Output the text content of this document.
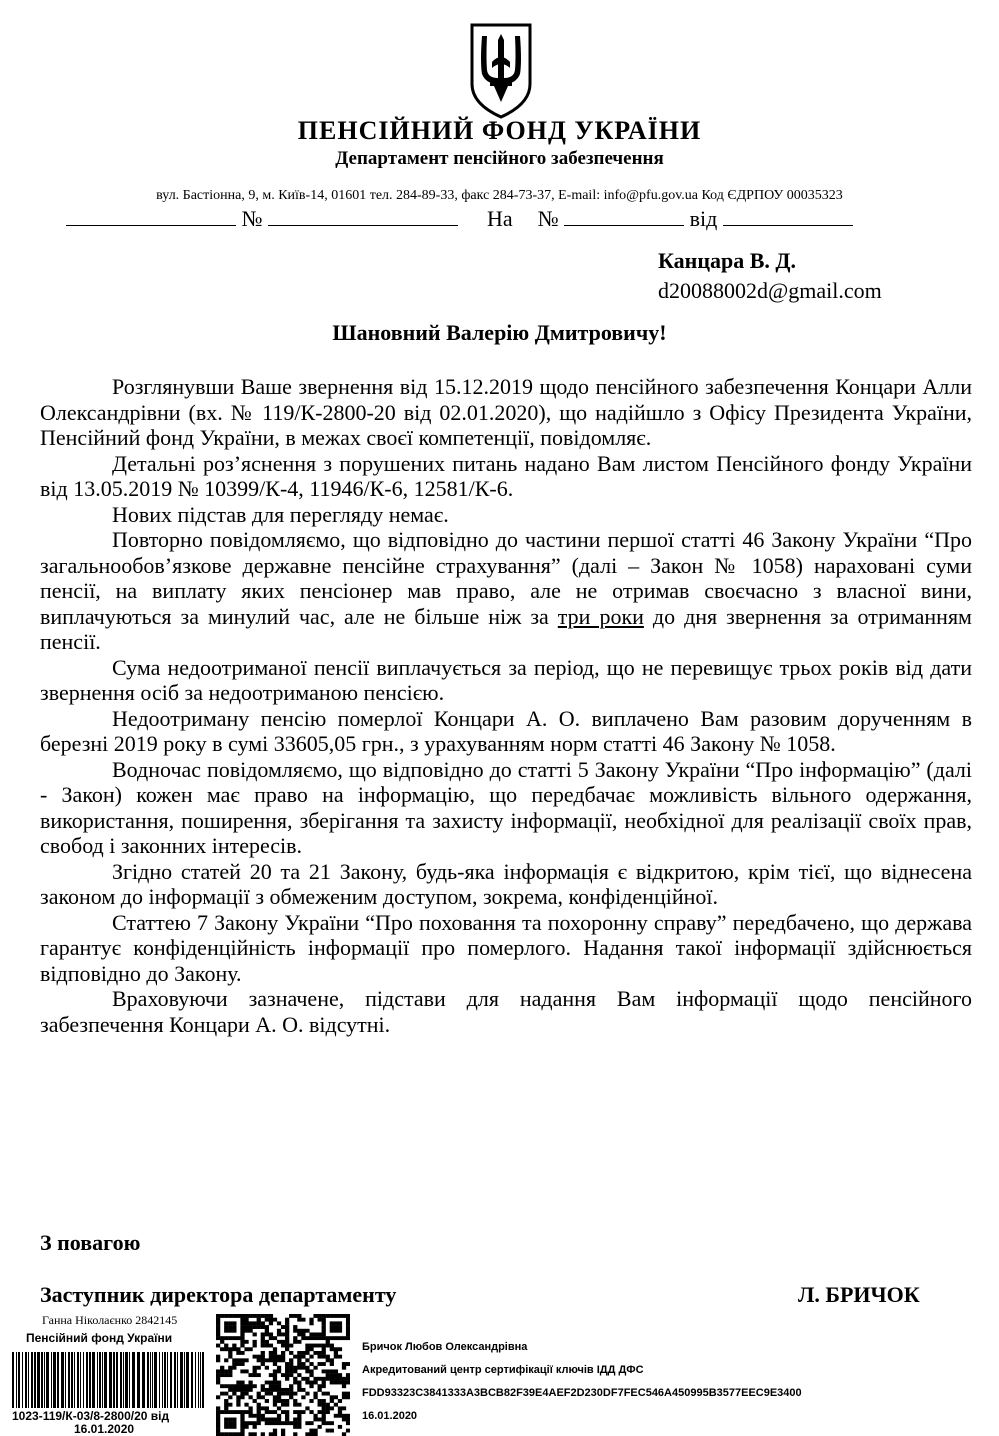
ПЕНСІЙНИЙ ФОНД УКРАЇНИ
Департамент пенсійного забезпечення
вул. Бастіонна, 9, м. Київ-14, 01601 тел. 284-89-33, факс 284-73-37, E-mail: info@pfu.gov.ua Код ЄДРПОУ 00035323
№	На №	від
Канцара В. Д.
d20088002d@gmail.com
Шановний Валерію Дмитровичу!

Розглянувши Ваше звернення від 15.12.2019 щодо пенсійного забезпечення Концари Алли Олександрівни (вх. № 119/К-2800-20 від 02.01.2020), що надійшло з Офісу Президента України, Пенсійний фонд України, в межах своєї компетенції, повідомляє.

Детальні роз’яснення з порушених питань надано Вам листом Пенсійного фонду України від 13.05.2019 № 10399/К-4, 11946/К-6, 12581/К-6.

Нових підстав для перегляду немає.

Повторно повідомляємо, що відповідно до частини першої статті 46 Закону України “Про загальнообов’язкове державне пенсійне страхування” (далі – Закон № 1058) нараховані суми пенсії, на виплату яких пенсіонер мав право, але не отримав своєчасно з власної вини, виплачуються за минулий час, але не більше ніж за три роки до дня звернення за отриманням пенсії.

Сума недоотриманої пенсії виплачується за період, що не перевищує трьох років від дати звернення осіб за недоотриманою пенсією.

Недоотриману пенсію померлої Концари А. О. виплачено Вам разовим дорученням в березні 2019 року в сумі 33605,05 грн., з урахуванням норм статті 46 Закону № 1058.

Водночас повідомляємо, що відповідно до статті 5 Закону України “Про інформацію” (далі - Закон) кожен має право на інформацію, що передбачає можливість вільного одержання, використання, поширення, зберігання та захисту інформації, необхідної для реалізації своїх прав, свобод і законних інтересів.

Згідно статей 20 та 21 Закону, будь-яка інформація є відкритою, крім тієї, що віднесена законом до інформації з обмеженим доступом, зокрема, конфіденційної.

Статтею 7 Закону України “Про поховання та похоронну справу” передбачено, що держава гарантує конфіденційність інформації про померлого. Надання такої інформації здійснюється відповідно до Закону.

Враховуючи зазначене, підстави для надання Вам інформації щодо пенсійного забезпечення Концари А. О. відсутні.

З повагою
Заступник директора департаменту	Л. БРИЧОК
Ганна Ніколаєнко 2842145
Пенсійний фонд України
1023-119/К-03/8-2800/20 від
16.01.2020
Бричок Любов Олександрівна
Акредитований центр сертифікації ключів ІДД ДФС
FDD93323C3841333A3BCB82F39E4AEF2D230DF7FEC546A450995B3577EEC9E3400
16.01.2020
